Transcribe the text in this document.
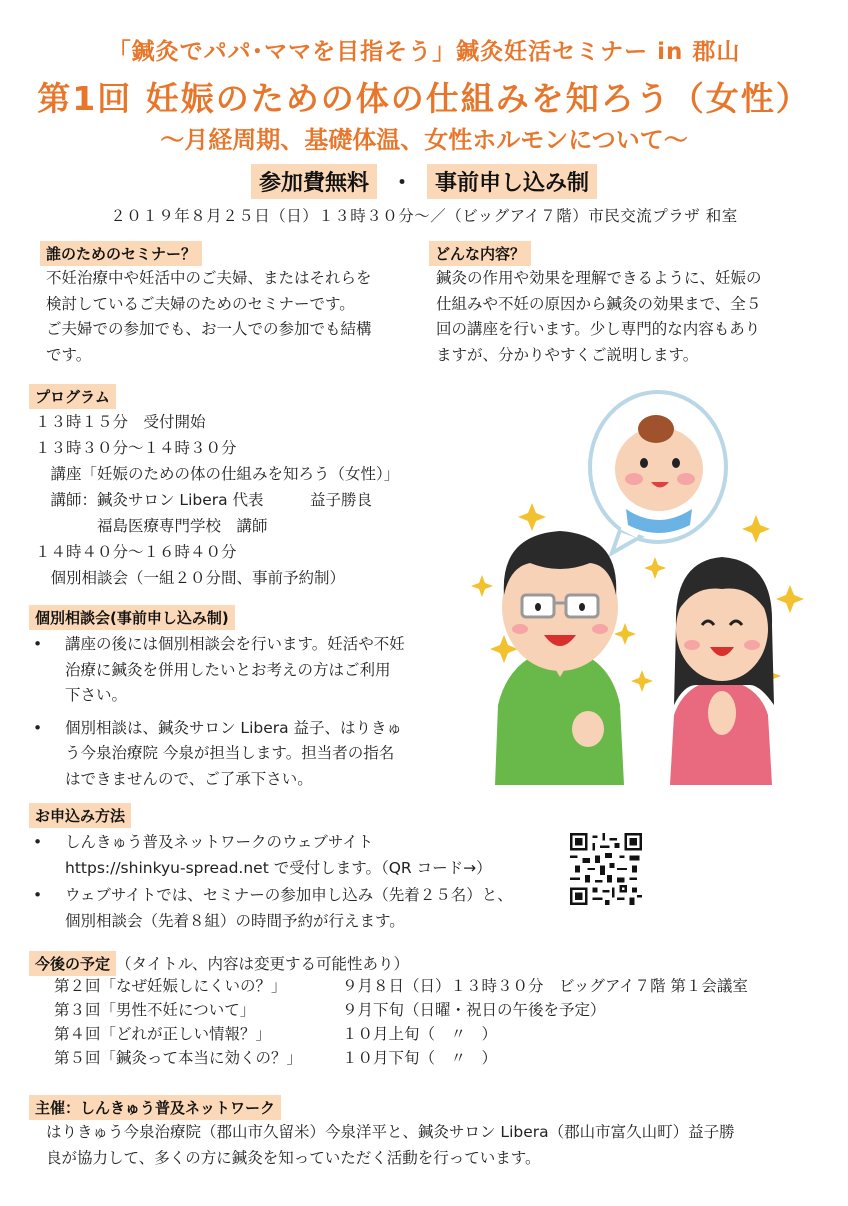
「鍼灸でパパ･ママを目指そう」鍼灸妊活セミナー in 郡山
第1回 妊娠のための体の仕組みを知ろう（女性）
～月経周期、基礎体温、女性ホルモンについて～
参加費無料 ・ 事前申し込み制
２０１９年８月２５日（日）１３時３０分～／（ビッグアイ７階）市民交流プラザ 和室
誰のためのセミナー？
不妊治療中や妊活中のご夫婦、またはそれらを
検討しているご夫婦のためのセミナーです。
ご夫婦での参加でも、お一人での参加でも結構
です。
どんな内容？
鍼灸の作用や効果を理解できるように、妊娠の
仕組みや不妊の原因から鍼灸の効果まで、全５
回の講座を行います。少し専門的な内容もあり
ますが、分かりやすくご説明します。
プログラム
１３時１５分　受付開始
１３時３０分～１４時３０分
　講座「妊娠のための体の仕組みを知ろう（女性）」
　講師：鍼灸サロン Libera 代表　　　益子勝良
　　　　福島医療専門学校　講師
１４時４０分～１６時４０分
　個別相談会（一組２０分間、事前予約制）
個別相談会(事前申し込み制)
• 講座の後には個別相談会を行います。妊活や不妊
治療に鍼灸を併用したいとお考えの方はご利用
下さい。
• 個別相談は、鍼灸サロン Libera 益子、はりきゅ
う今泉治療院 今泉が担当します。担当者の指名
はできませんので、ご了承下さい。
お申込み方法
• しんきゅう普及ネットワークのウェブサイト
https://shinkyu-spread.net で受付します。（QR コード→）
• ウェブサイトでは、セミナーの参加申し込み（先着２５名）と、
個別相談会（先着８組）の時間予約が行えます。
今後の予定 （タイトル、内容は変更する可能性あり）
第２回「なぜ妊娠しにくいの？」	９月８日（日）１３時３０分　ビッグアイ７階 第１会議室
第３回「男性不妊について」	９月下旬（日曜・祝日の午後を予定）
第４回「どれが正しい情報？」	１０月上旬（　〃　）
第５回「鍼灸って本当に効くの？」	１０月下旬（　〃　）
主催：しんきゅう普及ネットワーク
はりきゅう今泉治療院（郡山市久留米）今泉洋平と、鍼灸サロン Libera（郡山市富久山町）益子勝
良が協力して、多くの方に鍼灸を知っていただく活動を行っています。
